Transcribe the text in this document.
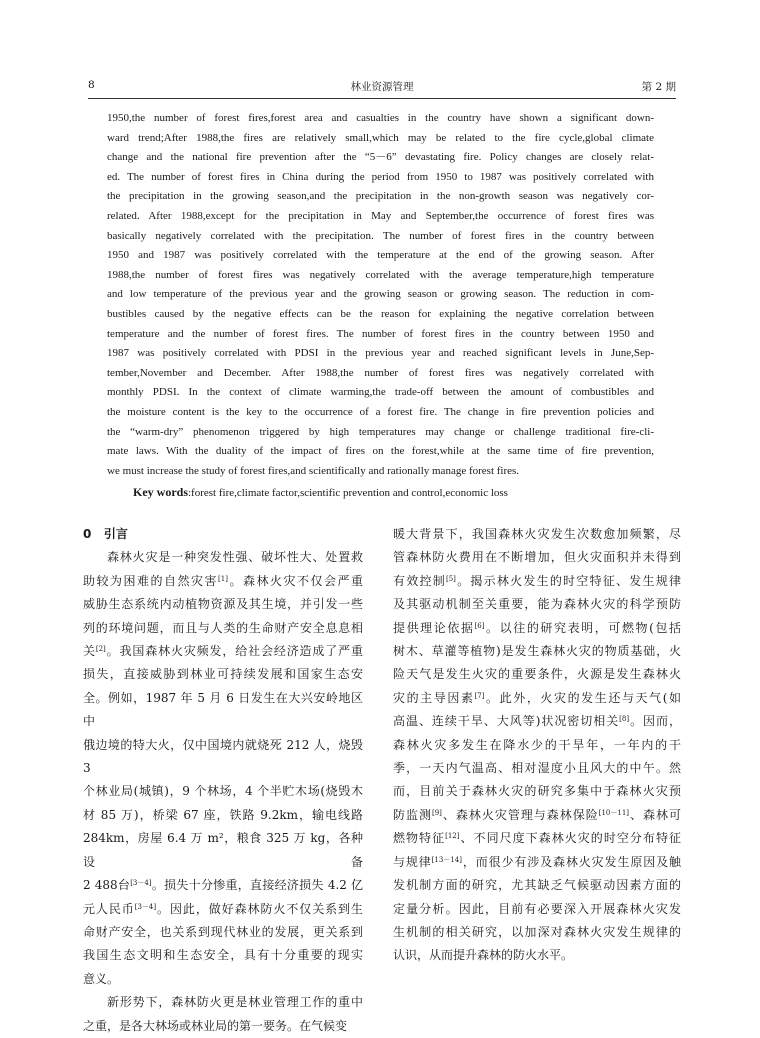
林业资源管理
8	第 2 期

1950,the number of forest fires,forest area and casualties in the country have shown a significant down-

ward trend;After 1988,the fires are relatively small,which may be related to the fire cycle,global climate

change and the national fire prevention after the “5－6” devastating fire. Policy changes are closely relat-

ed. The number of forest fires in China during the period from 1950 to 1987 was positively correlated with

the precipitation in the growing season,and the precipitation in the non-growth season was negatively cor-

related. After 1988,except for the precipitation in May and September,the occurrence of forest fires was

basically negatively correlated with the precipitation. The number of forest fires in the country between

1950 and 1987 was positively correlated with the temperature at the end of the growing season. After

1988,the number of forest fires was negatively correlated with the average temperature,high temperature

and low temperature of the previous year and the growing season or growing season. The reduction in com-

bustibles caused by the negative effects can be the reason for explaining the negative correlation between

temperature and the number of forest fires. The number of forest fires in the country between 1950 and

1987 was positively correlated with PDSI in the previous year and reached significant levels in June,Sep-

tember,November and December. After 1988,the number of forest fires was negatively correlated with

monthly PDSI. In the context of climate warming,the trade-off between the amount of combustibles and

the moisture content is the key to the occurrence of a forest fire. The change in fire prevention policies and

the “warm-dry” phenomenon triggered by high temperatures may change or challenge traditional fire-cli-

mate laws. With the duality of the impact of fires on the forest,while at the same time of fire prevention,

we must increase the study of forest fires,and scientifically and rationally manage forest fires.

Key words:forest fire,climate factor,scientific prevention and control,economic loss
0 引言

森林火灾是一种突发性强、破坏性大、处置救

助较为困难的自然灾害[1]。森林火灾不仅会严重

威胁生态系统内动植物资源及其生境，并引发一些

列的环境问题，而且与人类的生命财产安全息息相

关[2]。我国森林火灾频发，给社会经济造成了严重

损失，直接威胁到林业可持续发展和国家生态安

全。例如，1987 年 5 月 6 日发生在大兴安岭地区中

俄边境的特大火，仅中国境内就烧死 212 人，烧毁 3

个林业局(城镇)，9 个林场，4 个半贮木场(烧毁木

材 85 万)，桥梁 67 座，铁路 9.2km，输电线路

284km，房屋 6.4 万 m²，粮食 325 万 kg，各种设备

2 488台[3－4]。损失十分惨重，直接经济损失 4.2 亿

元人民币[3－4]。因此，做好森林防火不仅关系到生

命财产安全，也关系到现代林业的发展，更关系到

我国生态文明和生态安全，具有十分重要的现实

意义。

新形势下，森林防火更是林业管理工作的重中

之重，是各大林场或林业局的第一要务。在气候变

暖大背景下，我国森林火灾发生次数愈加频繁，尽

管森林防火费用在不断增加，但火灾面积并未得到

有效控制[5]。揭示林火发生的时空特征、发生规律

及其驱动机制至关重要，能为森林火灾的科学预防

提供理论依据[6]。以往的研究表明，可燃物(包括

树木、草灌等植物)是发生森林火灾的物质基础，火

险天气是发生火灾的重要条件，火源是发生森林火

灾的主导因素[7]。此外，火灾的发生还与天气(如

高温、连续干旱、大风等)状况密切相关[8]。因而，

森林火灾多发生在降水少的干旱年，一年内的干

季，一天内气温高、相对湿度小且风大的中午。然

而，目前关于森林火灾的研究多集中于森林火灾预

防监测[9]、森林火灾管理与森林保险[10－11]、森林可

燃物特征[12]、不同尺度下森林火灾的时空分布特征

与规律[13－14]，而很少有涉及森林火灾发生原因及触

发机制方面的研究，尤其缺乏气候驱动因素方面的

定量分析。因此，目前有必要深入开展森林火灾发

生机制的相关研究，以加深对森林火灾发生规律的

认识，从而提升森林的防火水平。
